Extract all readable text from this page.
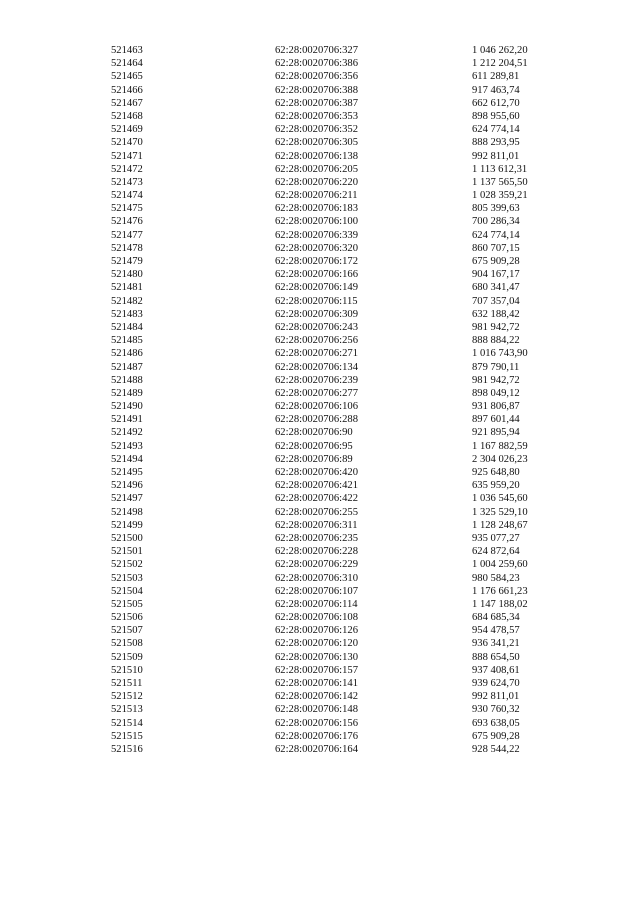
521463	62:28:0020706:327	1 046 262,20
521464	62:28:0020706:386	1 212 204,51
521465	62:28:0020706:356	611 289,81
521466	62:28:0020706:388	917 463,74
521467	62:28:0020706:387	662 612,70
521468	62:28:0020706:353	898 955,60
521469	62:28:0020706:352	624 774,14
521470	62:28:0020706:305	888 293,95
521471	62:28:0020706:138	992 811,01
521472	62:28:0020706:205	1 113 612,31
521473	62:28:0020706:220	1 137 565,50
521474	62:28:0020706:211	1 028 359,21
521475	62:28:0020706:183	805 399,63
521476	62:28:0020706:100	700 286,34
521477	62:28:0020706:339	624 774,14
521478	62:28:0020706:320	860 707,15
521479	62:28:0020706:172	675 909,28
521480	62:28:0020706:166	904 167,17
521481	62:28:0020706:149	680 341,47
521482	62:28:0020706:115	707 357,04
521483	62:28:0020706:309	632 188,42
521484	62:28:0020706:243	981 942,72
521485	62:28:0020706:256	888 884,22
521486	62:28:0020706:271	1 016 743,90
521487	62:28:0020706:134	879 790,11
521488	62:28:0020706:239	981 942,72
521489	62:28:0020706:277	898 049,12
521490	62:28:0020706:106	931 806,87
521491	62:28:0020706:288	897 601,44
521492	62:28:0020706:90	921 895,94
521493	62:28:0020706:95	1 167 882,59
521494	62:28:0020706:89	2 304 026,23
521495	62:28:0020706:420	925 648,80
521496	62:28:0020706:421	635 959,20
521497	62:28:0020706:422	1 036 545,60
521498	62:28:0020706:255	1 325 529,10
521499	62:28:0020706:311	1 128 248,67
521500	62:28:0020706:235	935 077,27
521501	62:28:0020706:228	624 872,64
521502	62:28:0020706:229	1 004 259,60
521503	62:28:0020706:310	980 584,23
521504	62:28:0020706:107	1 176 661,23
521505	62:28:0020706:114	1 147 188,02
521506	62:28:0020706:108	684 685,34
521507	62:28:0020706:126	954 478,57
521508	62:28:0020706:120	936 341,21
521509	62:28:0020706:130	888 654,50
521510	62:28:0020706:157	937 408,61
521511	62:28:0020706:141	939 624,70
521512	62:28:0020706:142	992 811,01
521513	62:28:0020706:148	930 760,32
521514	62:28:0020706:156	693 638,05
521515	62:28:0020706:176	675 909,28
521516	62:28:0020706:164	928 544,22
